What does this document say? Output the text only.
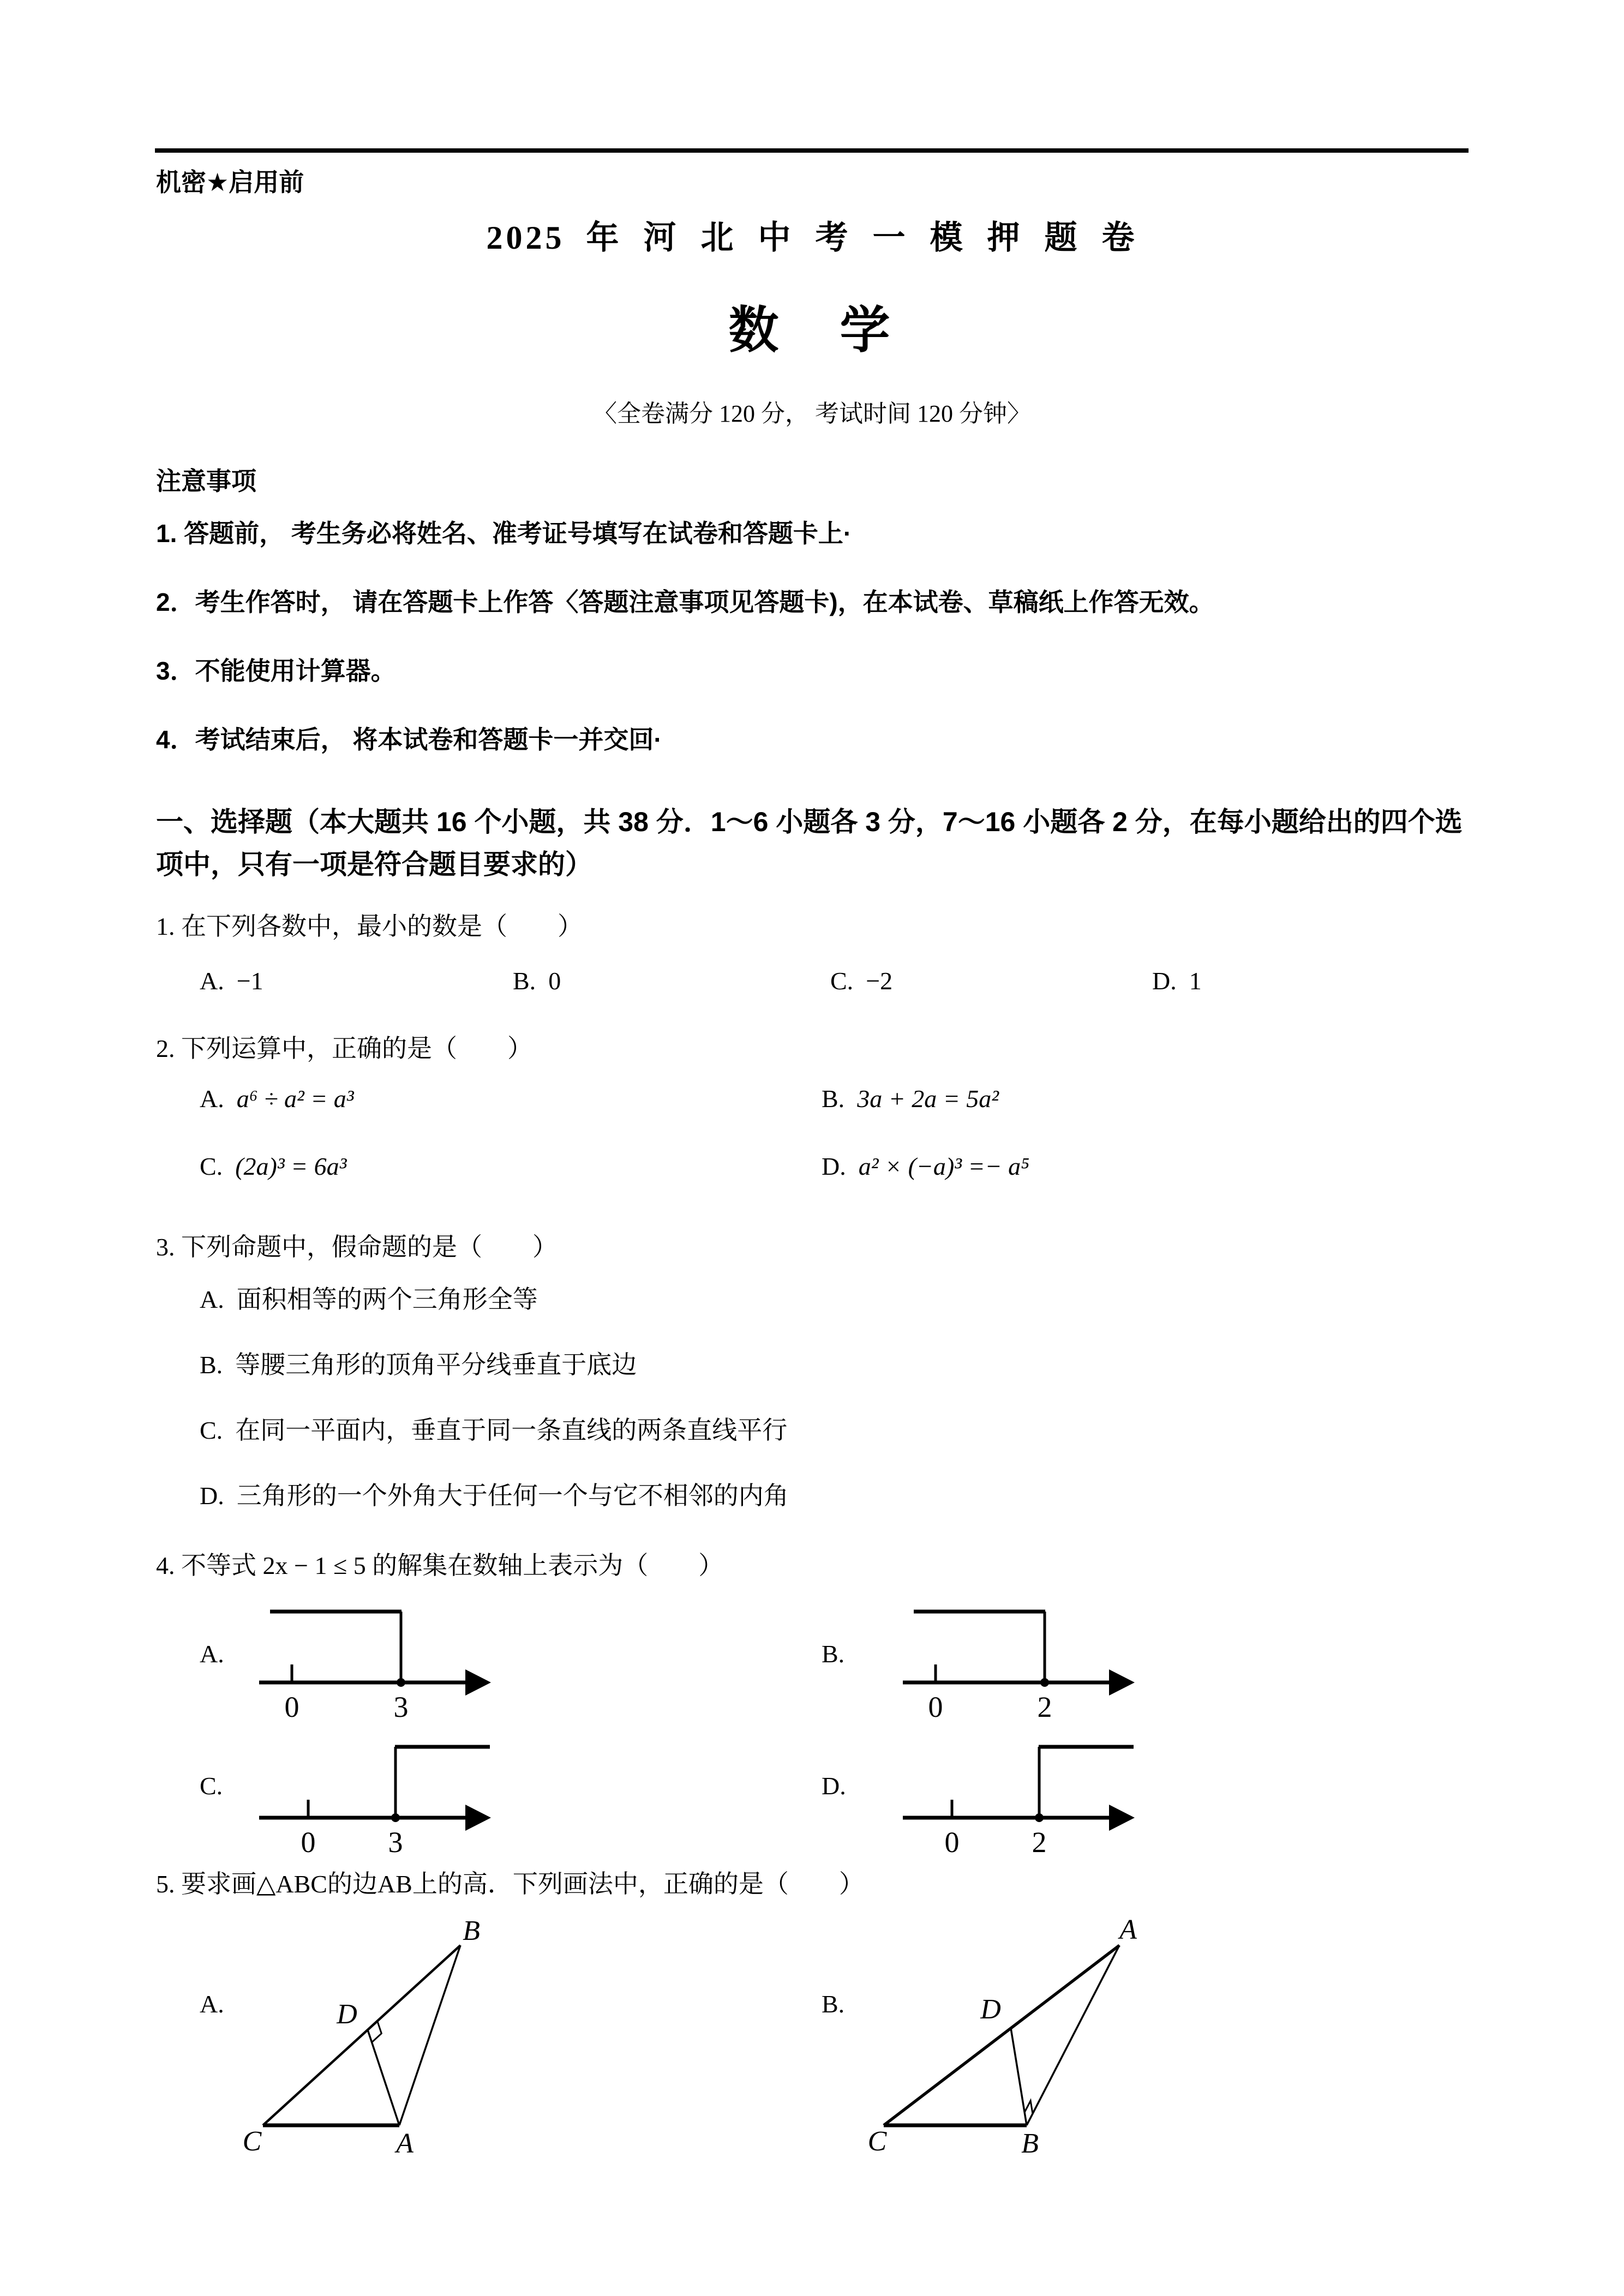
机密★启用前
2025 年 河 北 中 考 一 模 押 题 卷
数　学
〈全卷满分 120 分， 考试时间 120 分钟〉
注意事项
1. 答题前， 考生务必将姓名、准考证号填写在试卷和答题卡上·
2．考生作答时， 请在答题卡上作答〈答题注意事项见答题卡)，在本试卷、草稿纸上作答无效。
3．不能使用计算器。
4．考试结束后， 将本试卷和答题卡一并交回·
一、选择题（本大题共 16 个小题，共 38 分．1～6 小题各 3 分，7～16 小题各 2 分，在每小题给出的四个选项中，只有一项是符合题目要求的）
1. 在下列各数中，最小的数是（　　）
A. −1	B. 0	C. −2	D. 1
2. 下列运算中，正确的是（　　）
A. a⁶ ÷ a² = a³	B. 3a + 2a = 5a²
C. (2a)³ = 6a³	D. a² × (−a)³ =− a⁵
3. 下列命题中，假命题的是（　　）
A. 面积相等的两个三角形全等
B. 等腰三角形的顶角平分线垂直于底边
C. 在同一平面内，垂直于同一条直线的两条直线平行
D. 三角形的一个外角大于任何一个与它不相邻的内角
4. 不等式 2x − 1 ≤ 5 的解集在数轴上表示为（　　）
A.
0	3
B.
0	2
C.
0 3
D.
0 2
5. 要求画△ABC的边AB上的高．下列画法中，正确的是（　　）
A.
B
D
C	A
B.
A
D
C	B
